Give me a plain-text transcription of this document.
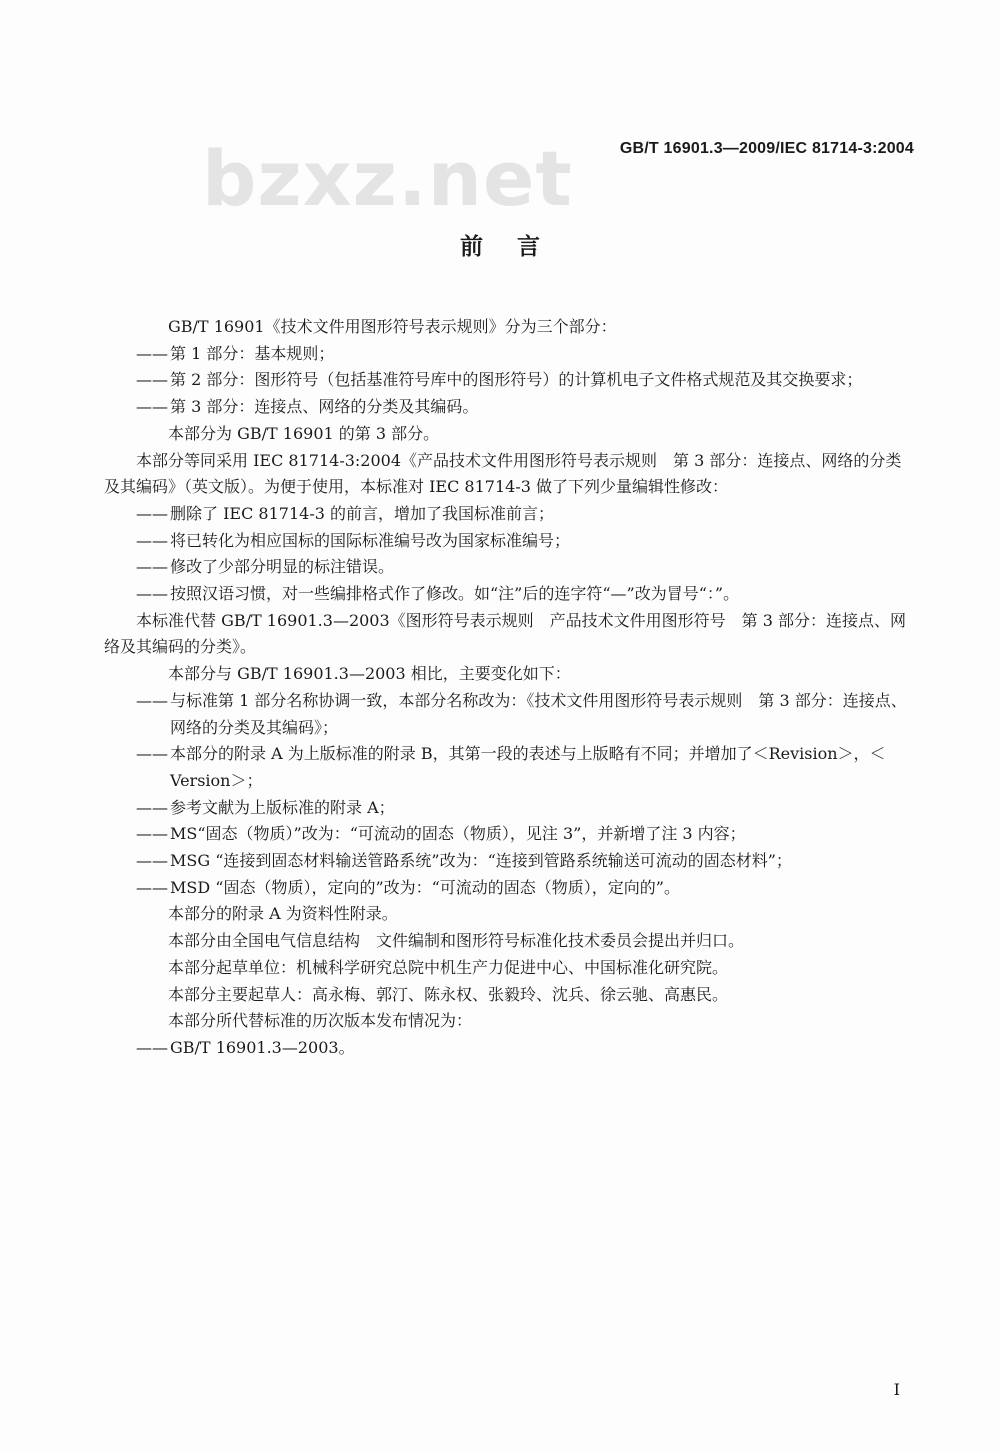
bzxz.net	GB/T 16901.3—2009/IEC 81714-3:2004
前言

GB/T 16901《技术文件用图形符号表示规则》分为三个部分：

—— 第 1 部分：基本规则；

—— 第 2 部分：图形符号（包括基准符号库中的图形符号）的计算机电子文件格式规范及其交换要求；

—— 第 3 部分：连接点、网络的分类及其编码。

本部分为 GB/T 16901 的第 3 部分。

本部分等同采用 IEC 81714-3:2004《产品技术文件用图形符号表示规则　第 3 部分：连接点、网络的分类及其编码》（英文版）。为便于使用，本标准对 IEC 81714-3 做了下列少量编辑性修改：

—— 删除了 IEC 81714-3 的前言，增加了我国标准前言；

—— 将已转化为相应国标的国际标准编号改为国家标准编号；

—— 修改了少部分明显的标注错误。

—— 按照汉语习惯，对一些编排格式作了修改。如“注”后的连字符“—”改为冒号“：”。

本标准代替 GB/T 16901.3—2003《图形符号表示规则　产品技术文件用图形符号　第 3 部分：连接点、网络及其编码的分类》。

本部分与 GB/T 16901.3—2003 相比，主要变化如下：

—— 与标准第 1 部分名称协调一致，本部分名称改为：《技术文件用图形符号表示规则　第 3 部分：连接点、网络的分类及其编码》；

—— 本部分的附录 A 为上版标准的附录 B，其第一段的表述与上版略有不同；并增加了＜Revision＞，＜Version＞；

—— 参考文献为上版标准的附录 A；

—— MS“固态（物质）”改为：“可流动的固态（物质），见注 3”，并新增了注 3 内容；

—— MSG “连接到固态材料输送管路系统”改为：“连接到管路系统输送可流动的固态材料”；

—— MSD “固态（物质），定向的”改为：“可流动的固态（物质），定向的”。

本部分的附录 A 为资料性附录。

本部分由全国电气信息结构　文件编制和图形符号标准化技术委员会提出并归口。

本部分起草单位：机械科学研究总院中机生产力促进中心、中国标准化研究院。

本部分主要起草人：高永梅、郭汀、陈永权、张毅玲、沈兵、徐云驰、高惠民。

本部分所代替标准的历次版本发布情况为：

—— GB/T 16901.3—2003。

I
